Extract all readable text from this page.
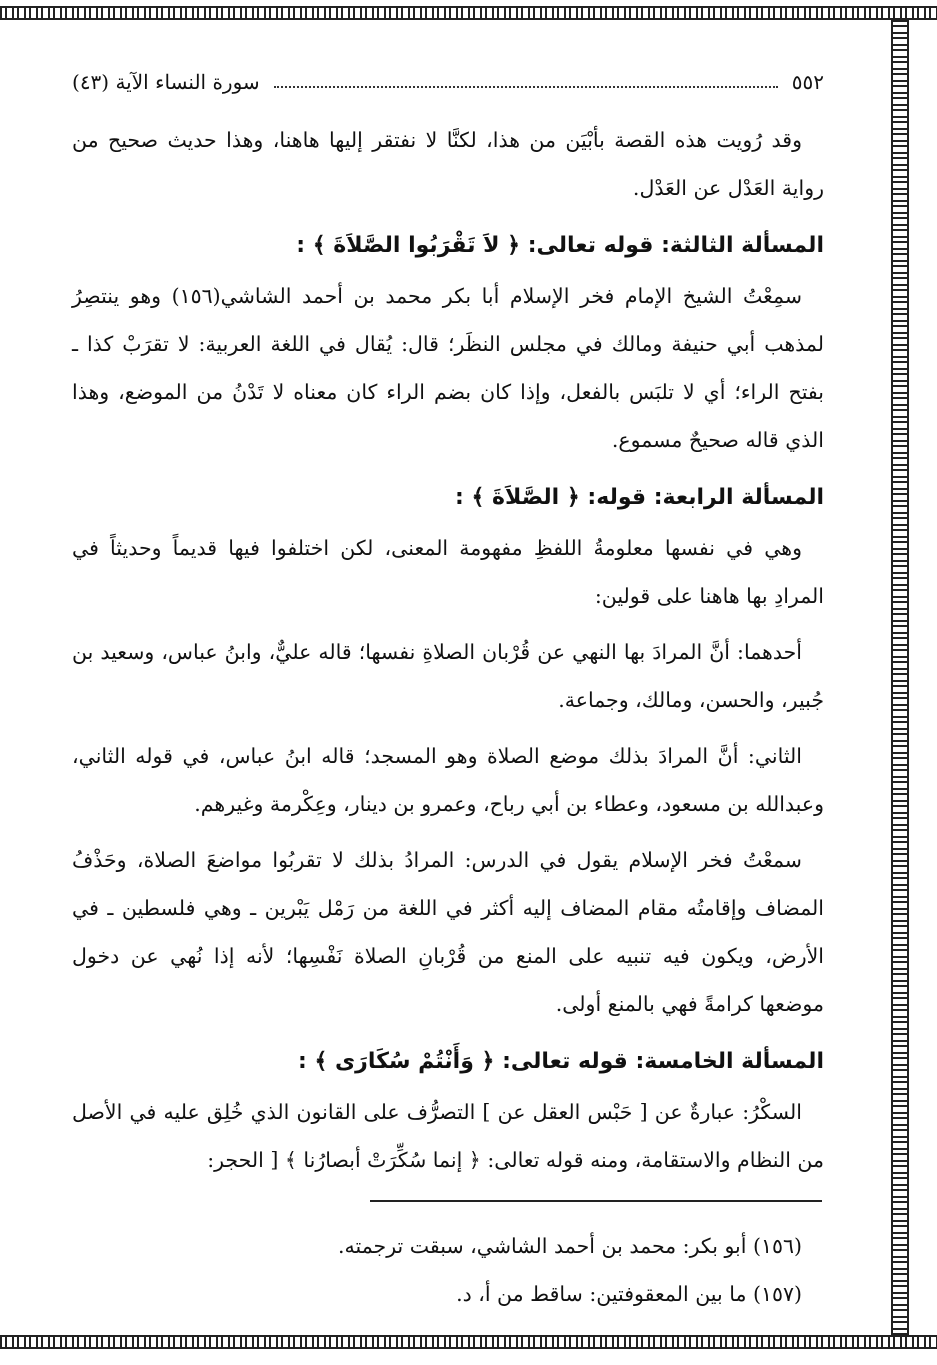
٥٥٢
سورة النساء الآية (٤٣)

وقد رُويت هذه القصة بأبْيَن من هذا، لكنَّا لا نفتقر إليها هاهنا، وهذا حديث صحيح من رواية العَدْل عن العَدْل.

المسألة الثالثة: قوله تعالى: ﴿ لاَ تَقْرَبُوا الصَّلاَةَ ﴾ :

سمِعْتُ الشيخ الإمام فخر الإسلام أبا بكر محمد بن أحمد الشاشي(١٥٦) وهو ينتصِرُ لمذهب أبي حنيفة ومالك في مجلس النظَر؛ قال: يُقال في اللغة العربية: لا تقرَبْ كذا ـ بفتح الراء؛ أي لا تلبَس بالفعل، وإذا كان بضم الراء كان معناه لا تَدْنُ من الموضع، وهذا الذي قاله صحيحٌ مسموع.

المسألة الرابعة: قوله: ﴿ الصَّلاَةَ ﴾ :

وهي في نفسها معلومةُ اللفظِ مفهومة المعنى، لكن اختلفوا فيها قديماً وحديثاً في المرادِ بها هاهنا على قولين:

أحدهما: أنَّ المرادَ بها النهي عن قُرْبان الصلاةِ نفسها؛ قاله عليٌّ، وابنُ عباس، وسعيد بن جُبير، والحسن، ومالك، وجماعة.

الثاني: أنَّ المرادَ بذلك موضع الصلاة وهو المسجد؛ قاله ابنُ عباس، في قوله الثاني، وعبدالله بن مسعود، وعطاء بن أبي رباح، وعمرو بن دينار، وعِكْرمة وغيرهم.

سمعْتُ فخر الإسلام يقول في الدرس: المرادُ بذلك لا تقربُوا مواضعَ الصلاة، وحَذْفُ المضاف وإقامتُه مقام المضاف إليه أكثر في اللغة من رَمْل يَبْرين ـ وهي فلسطين ـ في الأرض، ويكون فيه تنبيه على المنع من قُرْبانِ الصلاة نَفْسِها؛ لأنه إذا نُهي عن دخول موضعها كرامةً فهي بالمنع أولى.

المسألة الخامسة: قوله تعالى: ﴿ وَأَنْتُمْ سُكَارَى ﴾ :

السكْرُ: عبارةٌ عن [ حَبْس العقل عن ] التصرُّف على القانون الذي خُلِق عليه في الأصل من النظام والاستقامة، ومنه قوله تعالى: ﴿ إنما سُكِّرَتْ أبصارُنا ﴾ [ الحجر:

(١٥٦) أبو بكر: محمد بن أحمد الشاشي، سبقت ترجمته.

(١٥٧) ما بين المعقوفتين: ساقط من أ، د.
